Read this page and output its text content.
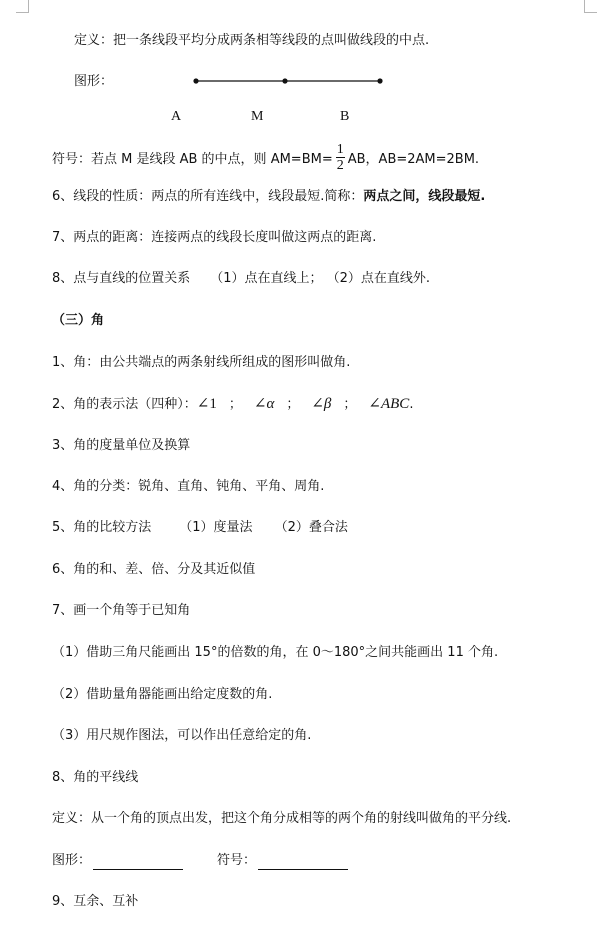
定义：把一条线段平均分成两条相等线段的点叫做线段的中点.
图形：
A	M	B
符号：若点 M 是线段 AB 的中点，则 $AM=BM= \frac{1}{2}$ AB，AB=2AM=2BM.
6、线段的性质：两点的所有连线中，线段最短.简称：两点之间，线段最短.
7、两点的距离：连接两点的线段长度叫做这两点的距离.
8、点与直线的位置关系 （1）点在直线上； （2）点在直线外.
（三）角
1、角：由公共端点的两条射线所组成的图形叫做角.
2、角的表示法（四种）：∠1 ； ∠α ； ∠β ； ∠ABC.
3、角的度量单位及换算
4、角的分类：锐角、直角、钝角、平角、周角.
5、角的比较方法 （1）度量法 （2）叠合法
6、角的和、差、倍、分及其近似值
7、画一个角等于已知角
（1）借助三角尺能画出 15°的倍数的角，在 0～180°之间共能画出 11 个角.
（2）借助量角器能画出给定度数的角.
（3）用尺规作图法，可以作出任意给定的角.
8、角的平线线
定义：从一个角的顶点出发，把这个角分成相等的两个角的射线叫做角的平分线.
图形：	符号：
9、互余、互补
